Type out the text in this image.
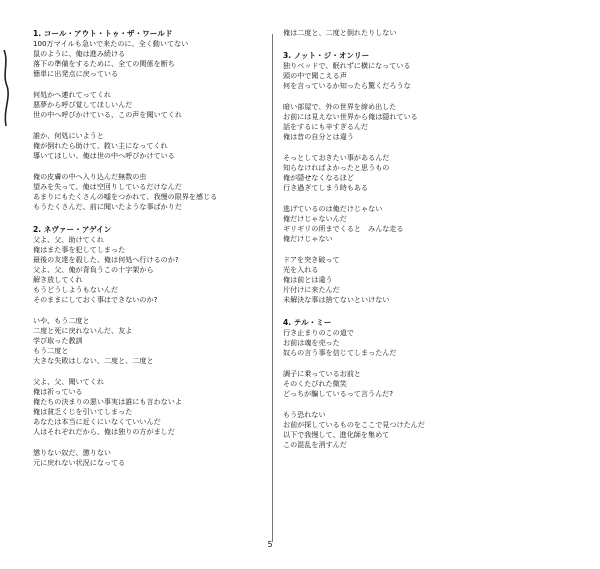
1. コール・アウト・トゥ・ザ・ワールド
100万マイルも急いで来たのに、全く動いてない
鼠のように、俺は進み続ける
落下の準備をするために、全ての関係を断ち
簡単に出発点に戻っている
何処かへ連れてってくれ
悪夢から呼び覚してほしいんだ
世の中へ呼びかけている、この声を聞いてくれ
誰か、何処にいようと
俺が倒れたら助けて、救い主になってくれ
導いてほしい、俺は世の中へ呼びかけている
俺の皮膚の中へ入り込んだ無数の虫
望みを失って、俺は空回りしているだけなんだ
あまりにもたくさんの嘘をつかれて、我慢の限界を感じる
もうたくさんだ、前に聞いたような事ばかりだ
2. ネヴァー・アゲイン
父よ、父、助けてくれ
俺はまた事を犯してしまった
最後の友達を殺した、俺は何処へ行けるのか?
父よ、父、俺が背負うこの十字架から
解き放してくれ
もうどうしようもないんだ
そのままにしておく事はできないのか?
いや、もう二度と
二度と死に戻れないんだ、友よ
学び取った教訓
もう二度と
大きな失敗はしない、二度と、二度と
父よ、父、聞いてくれ
俺は祈っている
俺たちの決まりの悪い事実は誰にも言わないよ
俺は貧乏くじを引いてしまった
あなたは本当に近くにいなくていいんだ
人はそれぞれだから、俺は独りの方がましだ
懲りない奴だ、懲りない
元に戻れない状況になってる
俺は二度と、二度と倒れたりしない
3. ノット・ジ・オンリー
独りベッドで、眠れずに横になっている
頭の中で聞こえる声
何を言っているか知ったら驚くだろうな
暗い部屋で、外の世界を締め出した
お前には見えない世界から俺は隠れている
話をするにも辛すぎるんだ
俺は昔の自分とは違う
そっとしておきたい事があるんだ
知らなければよかったと思うもの
俺が隠せなくなるほど
行き過ぎてしまう時もある
逃げているのは俺だけじゃない
俺だけじゃないんだ
ギリギリの所までくると　みんな走る
俺だけじゃない
ドアを突き破って
光を入れる
俺は前とは違う
片付けに来たんだ
未解決な事は捨てないといけない
4. テル・ミー
行き止まりのこの道で
お前は魂を売った
奴らの言う事を信じてしまったんだ
調子に乗っているお前と
そのくたびれた微笑
どっちが騙しているって言うんだ?
もう恐れない
お前が探しているものをここで見つけたんだ
以下で我慢して、進化師を集めて
この混乱を消すんだ
5
